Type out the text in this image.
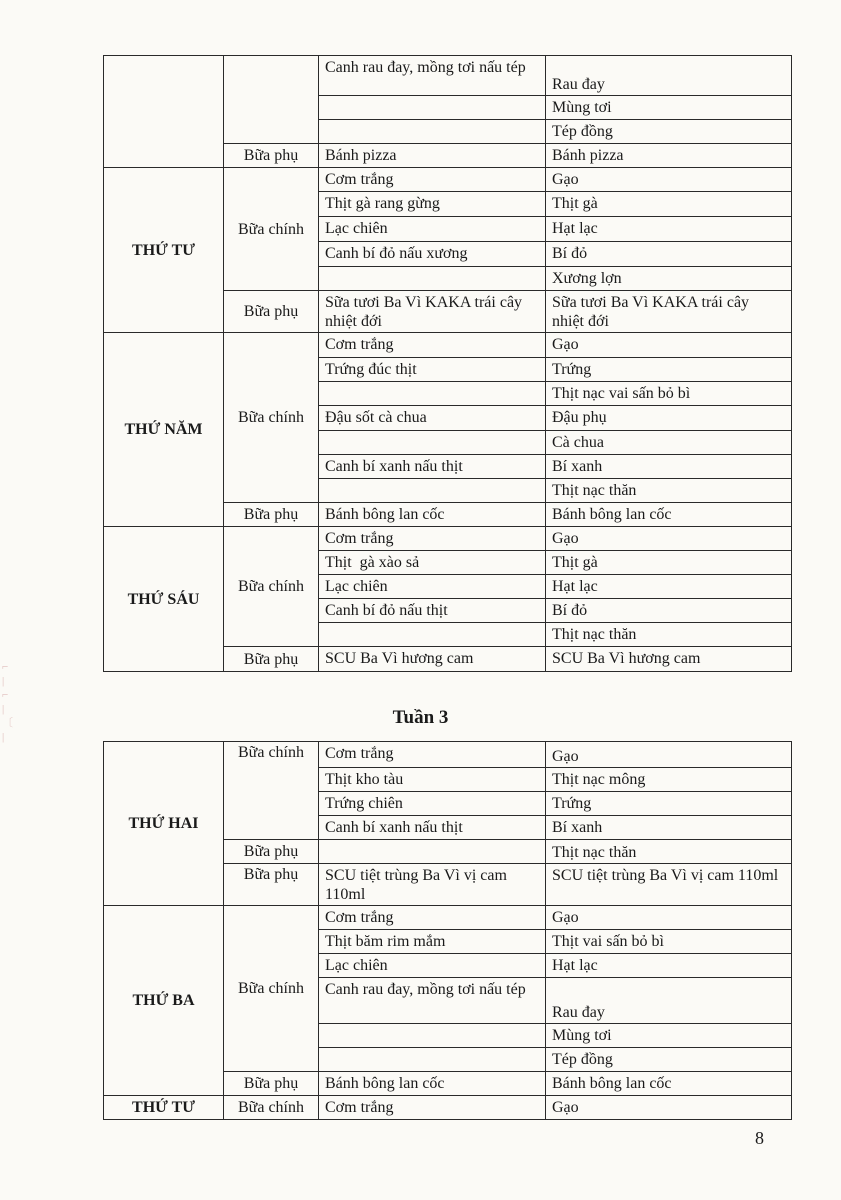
⌐
|
⌐
|
〔
|
		Canh rau đay, mồng tơi nấu tép	Rau đay
			Mùng tơi
			Tép đồng
	Bữa phụ	Bánh pizza	Bánh pizza
THỨ TƯ	Bữa chính	Cơm trắng	Gạo
		Thịt gà rang gừng	Thịt gà
		Lạc chiên	Hạt lạc
		Canh bí đỏ nấu xương	Bí đỏ
			Xương lợn
	Bữa phụ	Sữa tươi Ba Vì KAKA trái cây nhiệt đới	Sữa tươi Ba Vì KAKA trái cây nhiệt đới
THỨ NĂM	Bữa chính	Cơm trắng	Gạo
		Trứng đúc thịt	Trứng
			Thịt nạc vai sấn bỏ bì
		Đậu sốt cà chua	Đậu phụ
			Cà chua
		Canh bí xanh nấu thịt	Bí xanh
			Thịt nạc thăn
	Bữa phụ	Bánh bông lan cốc	Bánh bông lan cốc
THỨ SÁU	Bữa chính	Cơm trắng	Gạo
		Thịt  gà xào sả	Thịt gà
		Lạc chiên	Hạt lạc
		Canh bí đỏ nấu thịt	Bí đỏ
			Thịt nạc thăn
	Bữa phụ	SCU Ba Vì hương cam	SCU Ba Vì hương cam
Tuần 3
THỨ HAI	Bữa chính	Cơm trắng	Gạo
		Thịt kho tàu	Thịt nạc mông
		Trứng chiên	Trứng
		Canh bí xanh nấu thịt	Bí xanh
	Bữa phụ		Thịt nạc thăn
	Bữa phụ	SCU tiệt trùng Ba Vì vị cam 110ml	SCU tiệt trùng Ba Vì vị cam 110ml
THỨ BA	Bữa chính	Cơm trắng	Gạo
		Thịt băm rim mắm	Thịt vai sấn bỏ bì
		Lạc chiên	Hạt lạc
		Canh rau đay, mồng tơi nấu tép	Rau đay
			Mùng tơi
			Tép đồng
	Bữa phụ	Bánh bông lan cốc	Bánh bông lan cốc
THỨ TƯ	Bữa chính	Cơm trắng	Gạo
8
